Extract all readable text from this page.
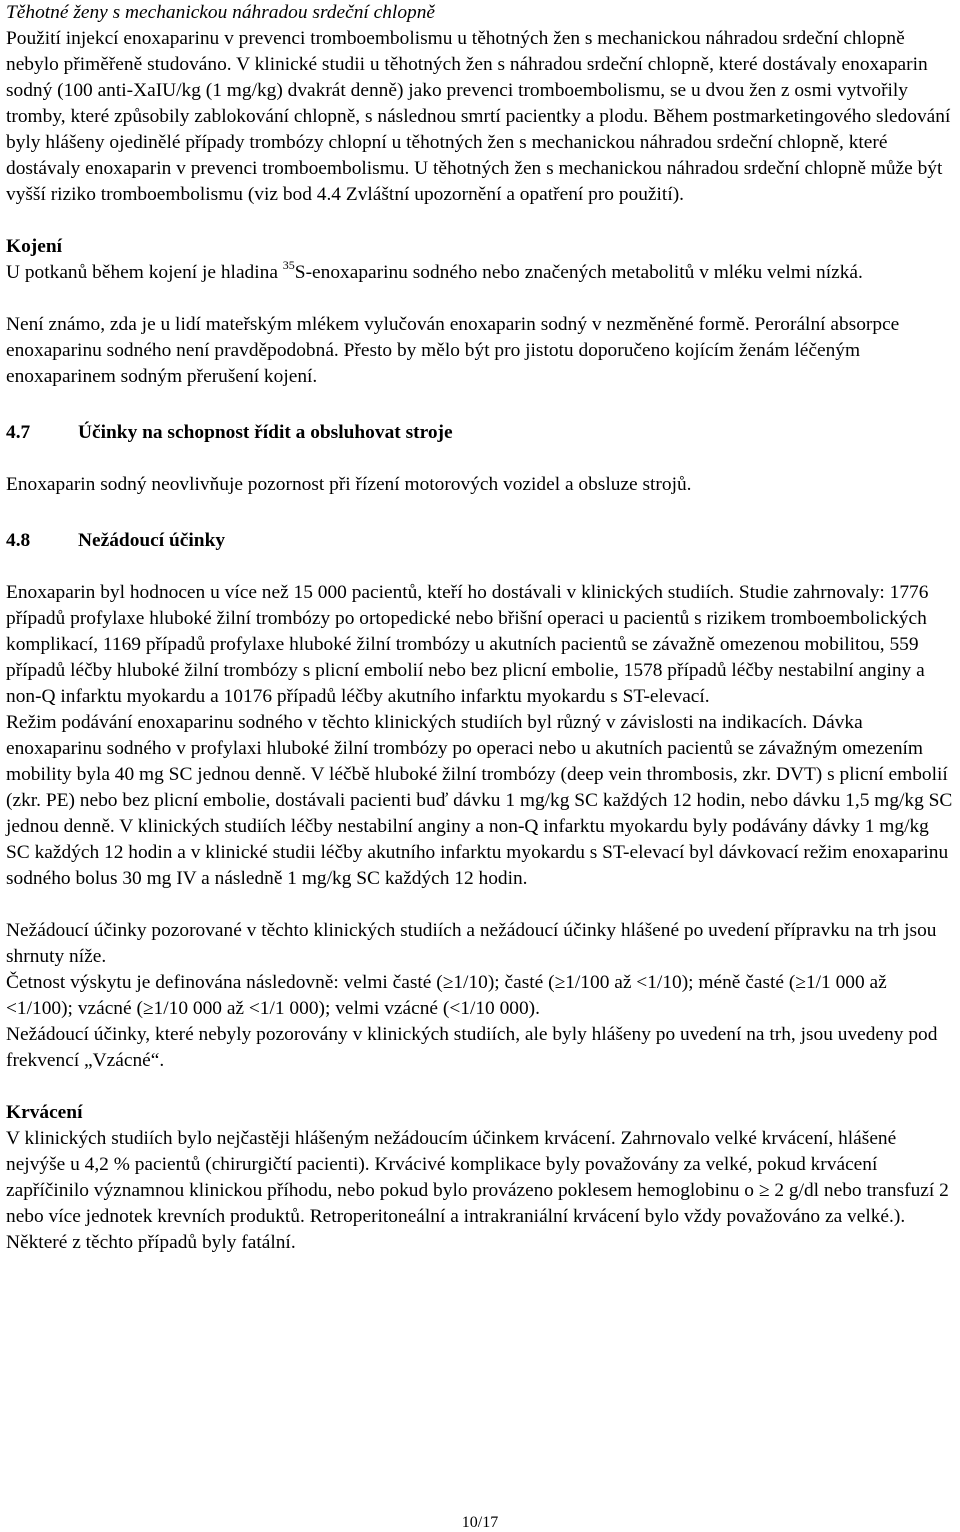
Těhotné ženy s mechanickou náhradou srdeční chlopně

Použití injekcí enoxaparinu v prevenci tromboembolismu u těhotných žen s mechanickou náhradou srdeční chlopně nebylo přiměřeně studováno. V klinické studii u těhotných žen s náhradou srdeční chlopně, které dostávaly enoxaparin sodný (100 anti-XaIU/kg (1 mg/kg) dvakrát denně) jako prevenci tromboembolismu, se u dvou žen z osmi vytvořily tromby, které způsobily zablokování chlopně, s následnou smrtí pacientky a plodu. Během postmarketingového sledování byly hlášeny ojedinělé případy trombózy chlopní u těhotných žen s mechanickou náhradou srdeční chlopně, které dostávaly enoxaparin v prevenci tromboembolismu. U těhotných žen s mechanickou náhradou srdeční chlopně může být vyšší riziko tromboembolismu (viz bod 4.4 Zvláštní upozornění a opatření pro použití).

Kojení

U potkanů během kojení je hladina $^{35}$S-enoxaparinu sodného nebo značených metabolitů v mléku velmi nízká.

Není známo, zda je u lidí mateřským mlékem vylučován enoxaparin sodný v nezměněné formě. Perorální absorpce enoxaparinu sodného není pravděpodobná. Přesto by mělo být pro jistotu doporučeno kojícím ženám léčeným enoxaparinem sodným přerušení kojení.

4.7	Účinky na schopnost řídit a obsluhovat stroje

Enoxaparin sodný neovlivňuje pozornost při řízení motorových vozidel a obsluze strojů.

4.8	Nežádoucí účinky

Enoxaparin byl hodnocen u více než 15 000 pacientů, kteří ho dostávali v klinických studiích. Studie zahrnovaly: 1776 případů profylaxe hluboké žilní trombózy po ortopedické nebo břišní operaci u pacientů s rizikem tromboembolických komplikací, 1169 případů profylaxe hluboké žilní trombózy u akutních pacientů se závažně omezenou mobilitou, 559 případů léčby hluboké žilní trombózy s plicní embolií nebo bez plicní embolie, 1578 případů léčby nestabilní anginy a non-Q infarktu myokardu a 10176 případů léčby akutního infarktu myokardu s ST-elevací.

Režim podávání enoxaparinu sodného v těchto klinických studiích byl různý v závislosti na indikacích. Dávka enoxaparinu sodného v profylaxi hluboké žilní trombózy po operaci nebo u akutních pacientů se závažným omezením mobility byla 40 mg SC jednou denně. V léčbě hluboké žilní trombózy (deep vein thrombosis, zkr. DVT) s plicní embolií (zkr. PE) nebo bez plicní embolie, dostávali pacienti buď dávku 1 mg/kg SC každých 12 hodin, nebo dávku 1,5 mg/kg SC jednou denně. V klinických studiích léčby nestabilní anginy a non-Q infarktu myokardu byly podávány dávky 1 mg/kg SC každých 12 hodin a v klinické studii léčby akutního infarktu myokardu s ST-elevací byl dávkovací režim enoxaparinu sodného bolus 30 mg IV a následně 1 mg/kg SC každých 12 hodin.

Nežádoucí účinky pozorované v těchto klinických studiích a nežádoucí účinky hlášené po uvedení přípravku na trh jsou shrnuty níže.

Četnost výskytu je definována následovně: velmi časté (≥1/10); časté (≥1/100 až <1/10); méně časté (≥1/1 000 až <1/100); vzácné (≥1/10 000 až <1/1 000); velmi vzácné (<1/10 000).

Nežádoucí účinky, které nebyly pozorovány v klinických studiích, ale byly hlášeny po uvedení na trh, jsou uvedeny pod frekvencí „Vzácné“.

Krvácení

V klinických studiích bylo nejčastěji hlášeným nežádoucím účinkem krvácení. Zahrnovalo velké krvácení, hlášené nejvýše u 4,2 % pacientů (chirurgičtí pacienti). Krvácivé komplikace byly považovány za velké, pokud krvácení zapříčinilo významnou klinickou příhodu, nebo pokud bylo provázeno poklesem hemoglobinu o ≥ 2 g/dl nebo transfuzí 2 nebo více jednotek krevních produktů. Retroperitoneální a intrakraniální krvácení bylo vždy považováno za velké.).

Některé z těchto případů byly fatální.

10/17
